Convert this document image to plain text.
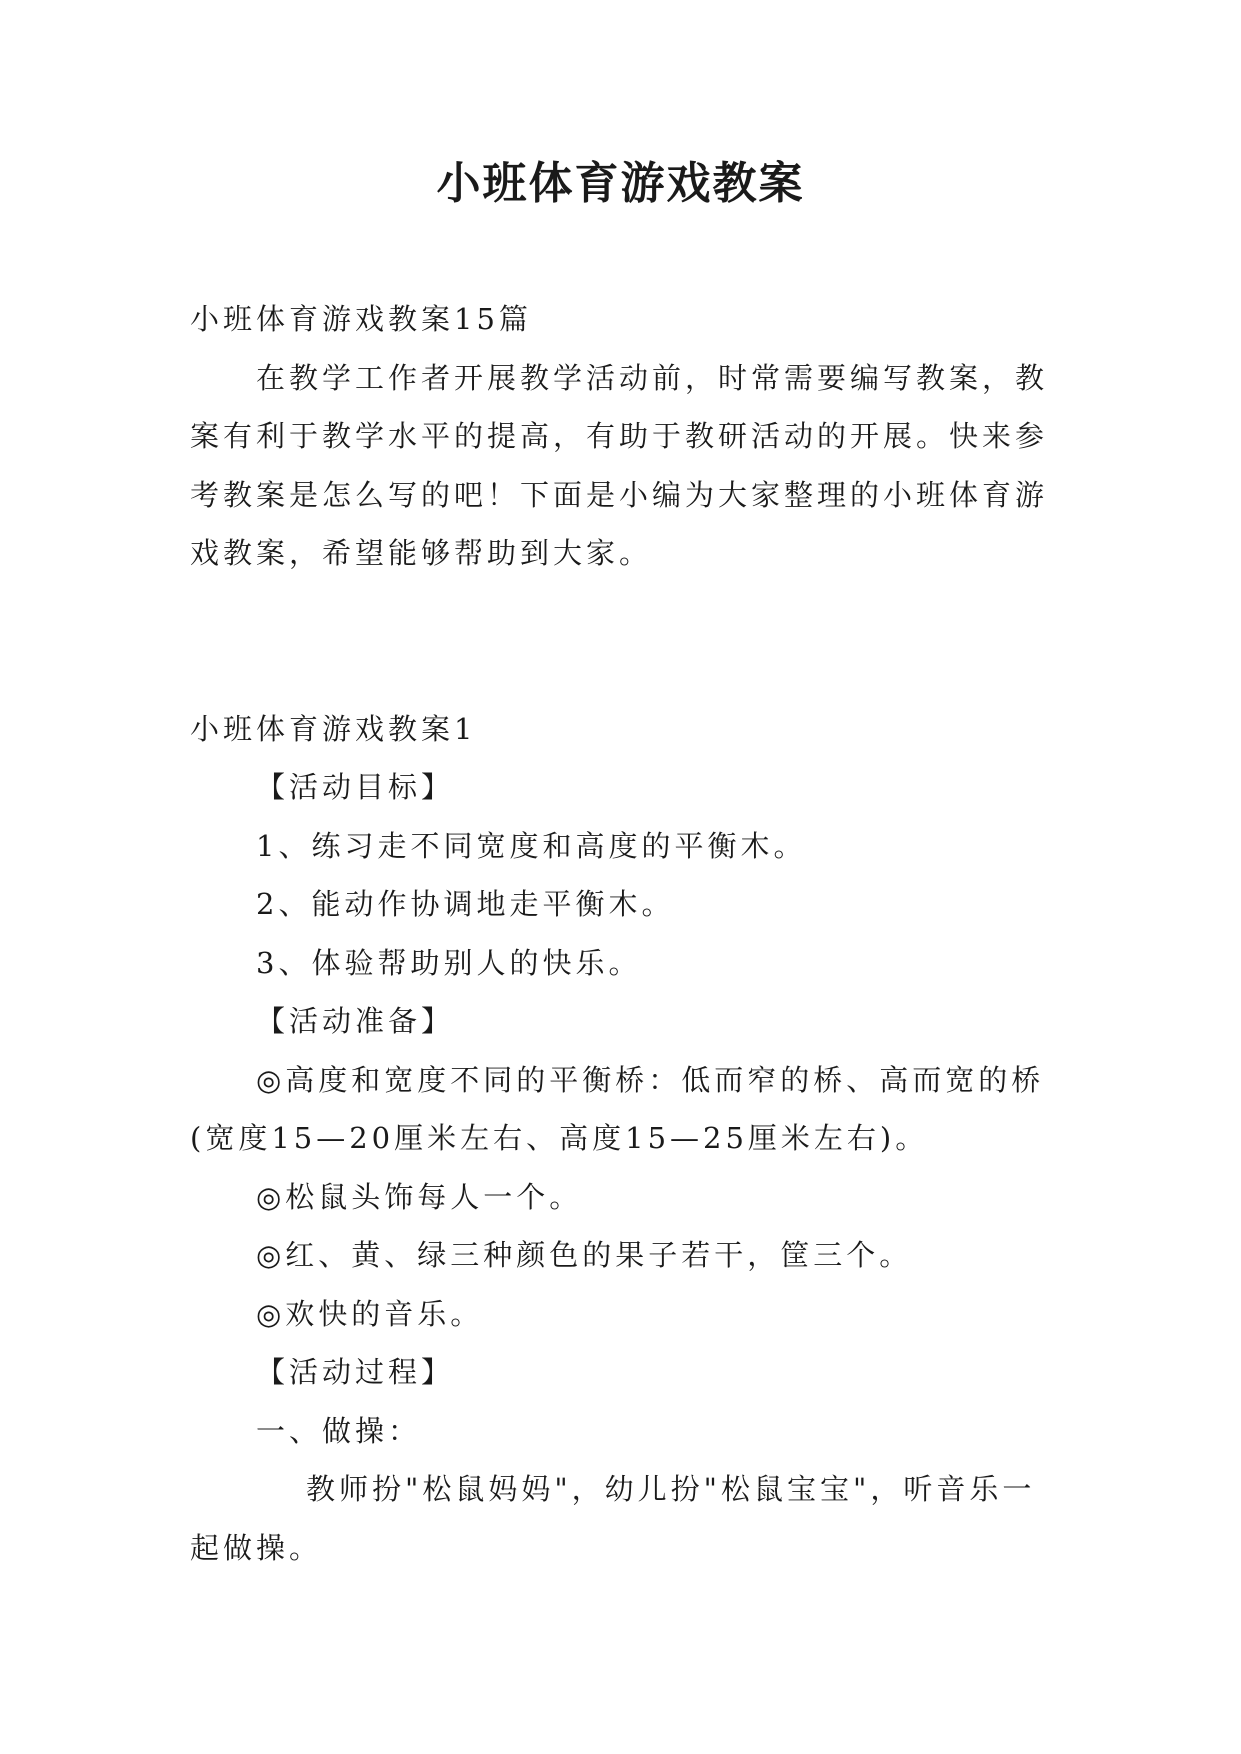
小班体育游戏教案

小班体育游戏教案15篇

在教学工作者开展教学活动前，时常需要编写教案，教案有利于教学水平的提高，有助于教研活动的开展。快来参考教案是怎么写的吧！下面是小编为大家整理的小班体育游戏教案，希望能够帮助到大家。

小班体育游戏教案1

【活动目标】

1、练习走不同宽度和高度的平衡木。

2、能动作协调地走平衡木。

3、体验帮助别人的快乐。

【活动准备】

◎高度和宽度不同的平衡桥：低而窄的桥、高而宽的桥(宽度15—20厘米左右、高度15—25厘米左右)。

◎松鼠头饰每人一个。

◎红、黄、绿三种颜色的果子若干，筐三个。

◎欢快的音乐。

【活动过程】

一、做操：

教师扮"松鼠妈妈"，幼儿扮"松鼠宝宝"，听音乐一起做操。
